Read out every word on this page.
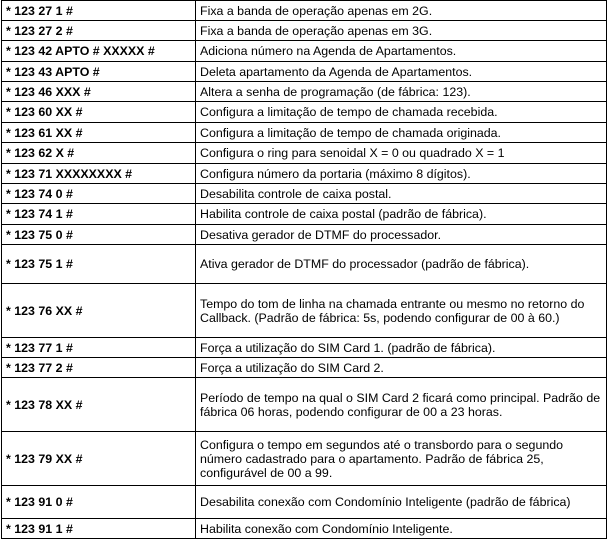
* 123 27 1 #	Fixa a banda de operação apenas em 2G.
* 123 27 2 #	Fixa a banda de operação apenas em 3G.
* 123 42 APTO # XXXXX #	Adiciona número na Agenda de Apartamentos.
* 123 43 APTO #	Deleta apartamento da Agenda de Apartamentos.
* 123 46 XXX #	Altera a senha de programação (de fábrica: 123).
* 123 60 XX #	Configura a limitação de tempo de chamada recebida.
* 123 61 XX #	Configura a limitação de tempo de chamada originada.
* 123 62 X #	Configura o ring para senoidal X = 0 ou quadrado X = 1
* 123 71 XXXXXXXX #	Configura número da portaria (máximo 8 dígitos).
* 123 74 0 #	Desabilita controle de caixa postal.
* 123 74 1 #	Habilita controle de caixa postal (padrão de fábrica).
* 123 75 0 #	Desativa gerador de DTMF do processador.
* 123 75 1 #	Ativa gerador de DTMF do processador (padrão de fábrica).
* 123 76 XX #	Tempo do tom de linha na chamada entrante ou mesmo no retorno do Callback. (Padrão de fábrica: 5s, podendo configurar de 00 à 60.)
* 123 77 1 #	Força a utilização do SIM Card 1. (padrão de fábrica).
* 123 77 2 #	Força a utilização do SIM Card 2.
* 123 78 XX #	Período de tempo na qual o SIM Card 2 ficará como principal. Padrão de fábrica 06 horas, podendo configurar de 00 a 23 horas.
* 123 79 XX #	Configura o tempo em segundos até o transbordo para o segundo número cadastrado para o apartamento. Padrão de fábrica 25, configurável de 00 a 99.
* 123 91 0 #	Desabilita conexão com Condomínio Inteligente (padrão de fábrica)
* 123 91 1 #	Habilita conexão com Condomínio Inteligente.
